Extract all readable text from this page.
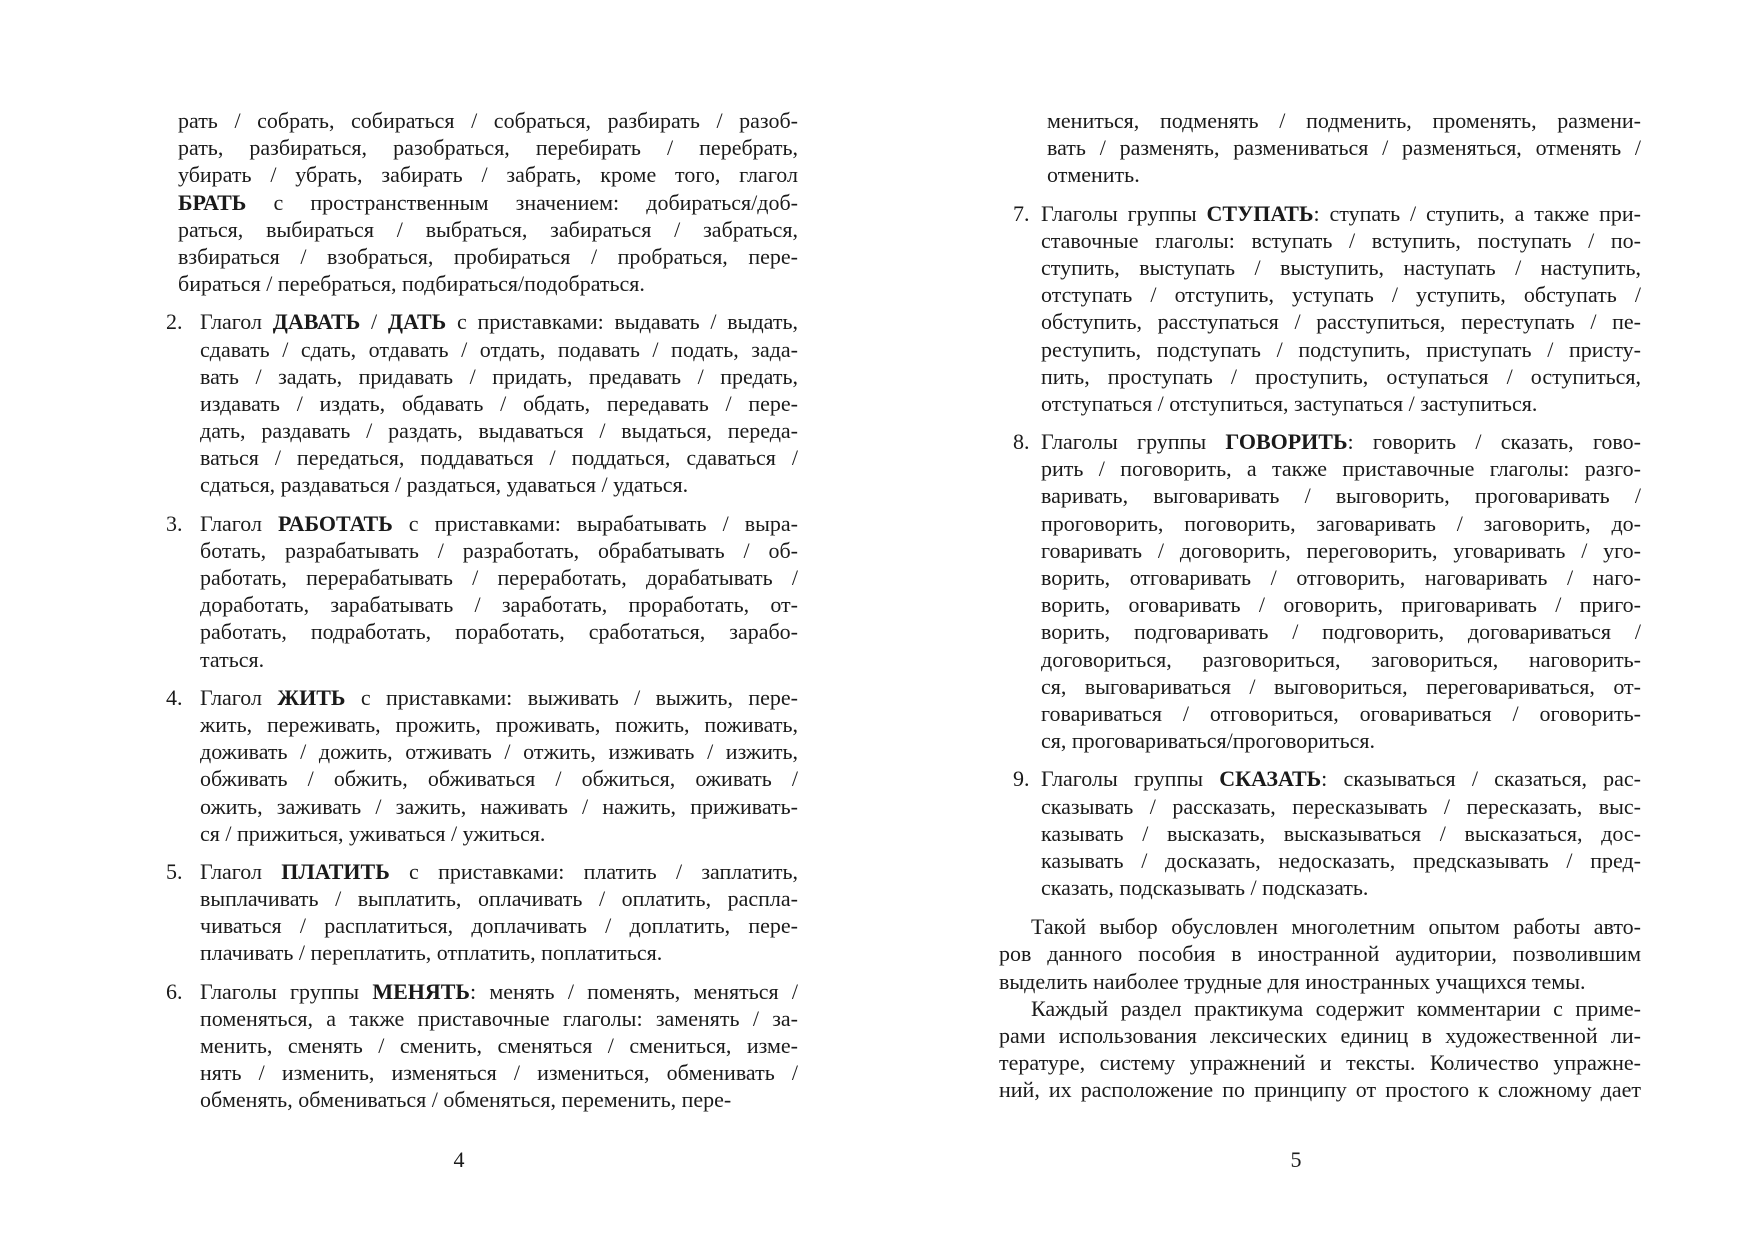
рать / собрать, собираться / собраться, разбирать / разоб-
рать, разбираться, разобраться, перебирать / перебрать,
убирать / убрать, забирать / забрать, кроме того, глагол
БРАТЬ с пространственным значением: добираться/доб-
раться, выбираться / выбраться, забираться / забраться,
взбираться / взобраться, пробираться / пробраться, пере-
бираться / перебраться, подбираться/подобраться.
2. Глагол ДАВАТЬ / ДАТЬ с приставками: выдавать / выдать,
сдавать / сдать, отдавать / отдать, подавать / подать, зада-
вать / задать, придавать / придать, предавать / предать,
издавать / издать, обдавать / обдать, передавать / пере-
дать, раздавать / раздать, выдаваться / выдаться, переда-
ваться / передаться, поддаваться / поддаться, сдаваться /
сдаться, раздаваться / раздаться, удаваться / удаться.
3. Глагол РАБОТАТЬ с приставками: вырабатывать / выра-
ботать, разрабатывать / разработать, обрабатывать / об-
работать, перерабатывать / переработать, дорабатывать /
доработать, зарабатывать / заработать, проработать, от-
работать, подработать, поработать, сработаться, зарабо-
таться.
4. Глагол ЖИТЬ с приставками: выживать / выжить, пере-
жить, переживать, прожить, проживать, пожить, поживать,
доживать / дожить, отживать / отжить, изживать / изжить,
обживать / обжить, обживаться / обжиться, оживать /
ожить, заживать / зажить, наживать / нажить, приживать-
ся / прижиться, уживаться / ужиться.
5. Глагол ПЛАТИТЬ с приставками: платить / заплатить,
выплачивать / выплатить, оплачивать / оплатить, распла-
чиваться / расплатиться, доплачивать / доплатить, пере-
плачивать / переплатить, отплатить, поплатиться.
6. Глаголы группы МЕНЯТЬ: менять / поменять, меняться /
поменяться, а также приставочные глаголы: заменять / за-
менить, сменять / сменить, сменяться / смениться, изме-
нять / изменить, изменяться / измениться, обменивать /
обменять, обмениваться / обменяться, переменить, пере-
4
мениться, подменять / подменить, променять, размени-
вать / разменять, размениваться / разменяться, отменять /
отменить.
7. Глаголы группы СТУПАТЬ: ступать / ступить, а также при-
ставочные глаголы: вступать / вступить, поступать / по-
ступить, выступать / выступить, наступать / наступить,
отступать / отступить, уступать / уступить, обступать /
обступить, расступаться / расступиться, переступать / пе-
реступить, подступать / подступить, приступать / присту-
пить, проступать / проступить, оступаться / оступиться,
отступаться / отступиться, заступаться / заступиться.
8. Глаголы группы ГОВОРИТЬ: говорить / сказать, гово-
рить / поговорить, а также приставочные глаголы: разго-
варивать, выговаривать / выговорить, проговаривать /
проговорить, поговорить, заговаривать / заговорить, до-
говаривать / договорить, переговорить, уговаривать / уго-
ворить, отговаривать / отговорить, наговаривать / наго-
ворить, оговаривать / оговорить, приговаривать / приго-
ворить, подговаривать / подговорить, договариваться /
договориться, разговориться, заговориться, наговорить-
ся, выговариваться / выговориться, переговариваться, от-
говариваться / отговориться, оговариваться / оговорить-
ся, проговариваться/проговориться.
9. Глаголы группы СКАЗАТЬ: сказываться / сказаться, рас-
сказывать / рассказать, пересказывать / пересказать, выс-
казывать / высказать, высказываться / высказаться, дос-
казывать / досказать, недосказать, предсказывать / пред-
сказать, подсказывать / подсказать.
Такой выбор обусловлен многолетним опытом работы авто-
ров данного пособия в иностранной аудитории, позволившим
выделить наиболее трудные для иностранных учащихся темы.
Каждый раздел практикума содержит комментарии с приме-
рами использования лексических единиц в художественной ли-
тературе, систему упражнений и тексты. Количество упражне-
ний, их расположение по принципу от простого к сложному дает
5
